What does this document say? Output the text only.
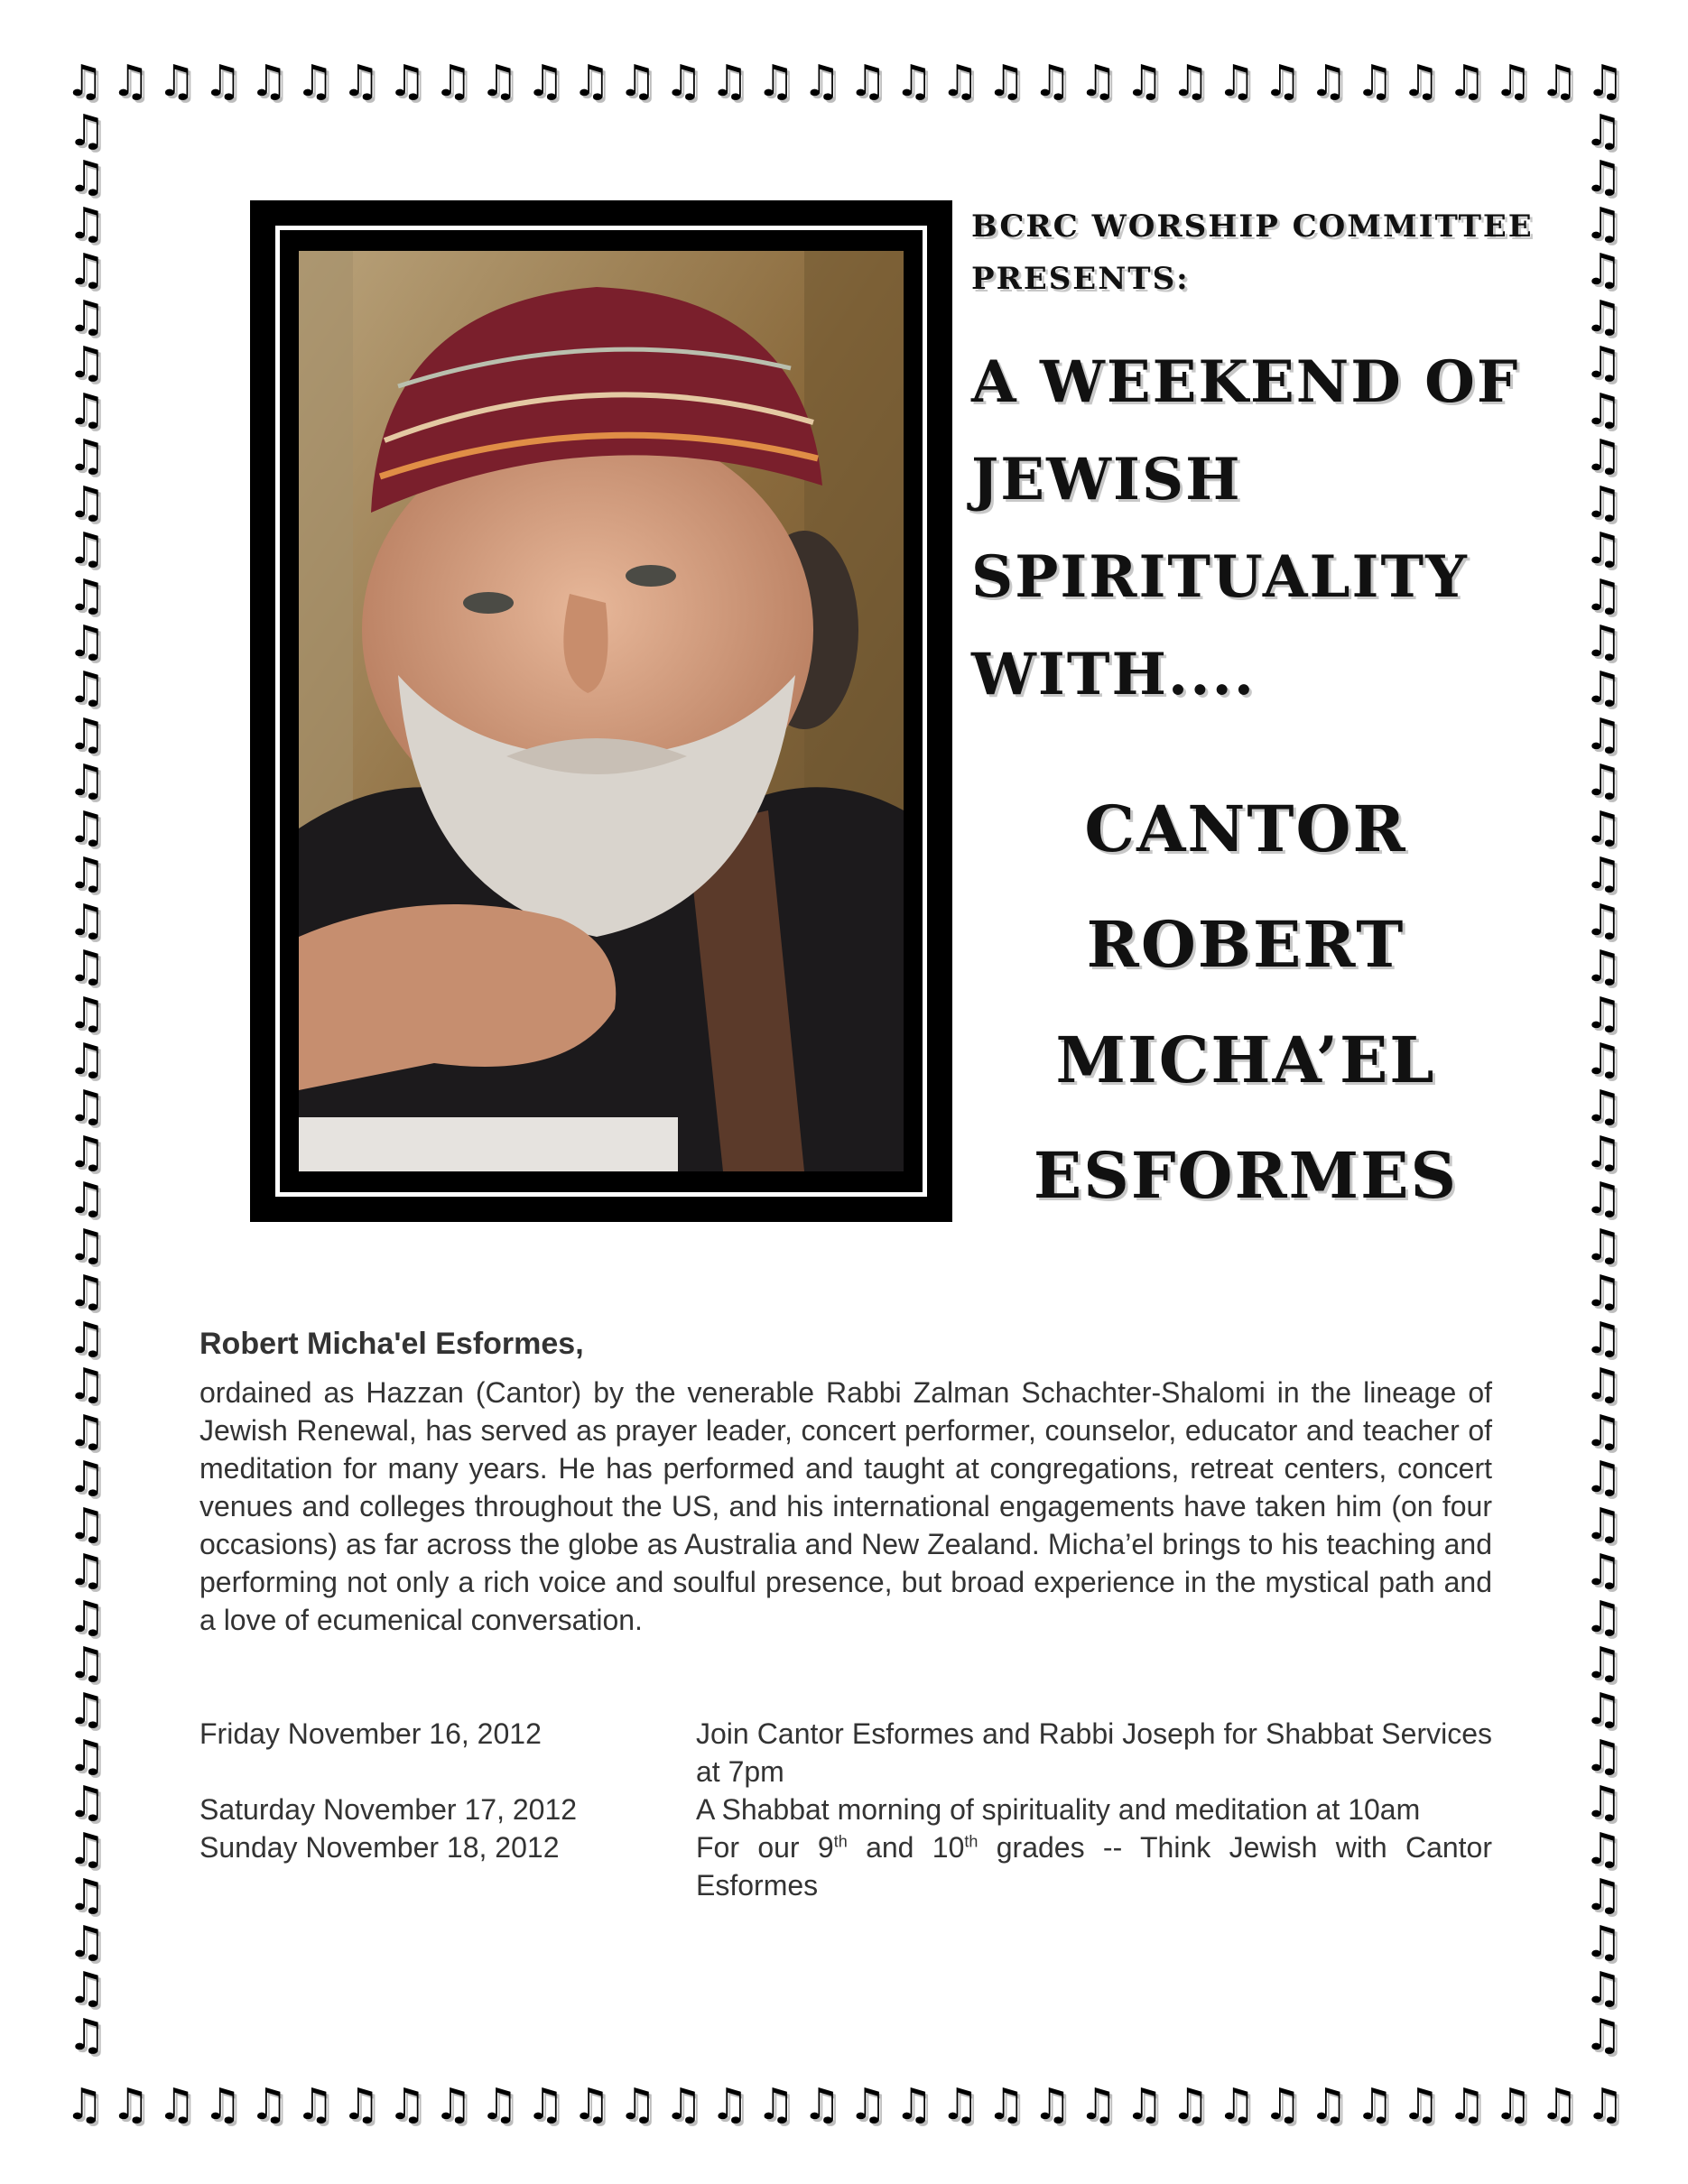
♫ ♫ ♫ ♫ ♫ ♫ ♫ ♫ ♫ ♫ ♫ ♫ ♫ ♫ ♫ ♫ ♫ ♫ ♫ ♫ ♫ ♫ ♫ ♫ ♫ ♫ ♫ ♫ ♫ ♫ ♫ ♫ ♫ ♫
♫ ♫ ♫ ♫ ♫ ♫ ♫ ♫ ♫ ♫ ♫ ♫ ♫ ♫ ♫ ♫ ♫ ♫ ♫ ♫ ♫ ♫ ♫ ♫ ♫ ♫ ♫ ♫ ♫ ♫ ♫ ♫ ♫ ♫
♫
♫
♫
♫
♫
♫
♫
♫
♫
♫
♫
♫
♫
♫
♫
♫
♫
♫
♫
♫
♫
♫
♫
♫
♫
♫
♫
♫
♫
♫
♫
♫
♫
♫
♫
♫
♫
♫
♫
♫
♫
♫
♫
♫
♫
♫
♫
♫
♫
♫
♫
♫
♫
♫
♫
♫
♫
♫
♫
♫
♫
♫
♫
♫
♫
♫
♫
♫
♫
♫
♫
♫
♫
♫
♫
♫
♫
♫
♫
♫
♫
♫
♫
♫
BCRC WORSHIP COMMITTEE
PRESENTS:
A WEEKEND OF
JEWISH
SPIRITUALITY
WITH....
CANTOR
ROBERT
MICHA’EL
ESFORMES
Robert Micha'el Esformes,
ordained as Hazzan (Cantor) by the venerable Rabbi Zalman Schachter-Shalomi in the lineage of Jewish Renewal, has served as prayer leader, concert performer, counselor, educator and teacher of meditation for many years. He has performed and taught at congregations, retreat centers, concert venues and colleges throughout the US, and his international engagements have taken him (on four occasions) as far across the globe as Australia and New Zealand. Micha’el brings to his teaching and performing not only a rich voice and soulful presence, but broad experience in the mystical path and a love of ecumenical conversation.
Friday November 16, 2012	Join Cantor Esformes and Rabbi Joseph for Shabbat Services at 7pm
Saturday November 17, 2012	A Shabbat morning of spirituality and meditation at 10am
Sunday November 18, 2012	For our 9th and 10th grades -- Think Jewish with Cantor Esformes
